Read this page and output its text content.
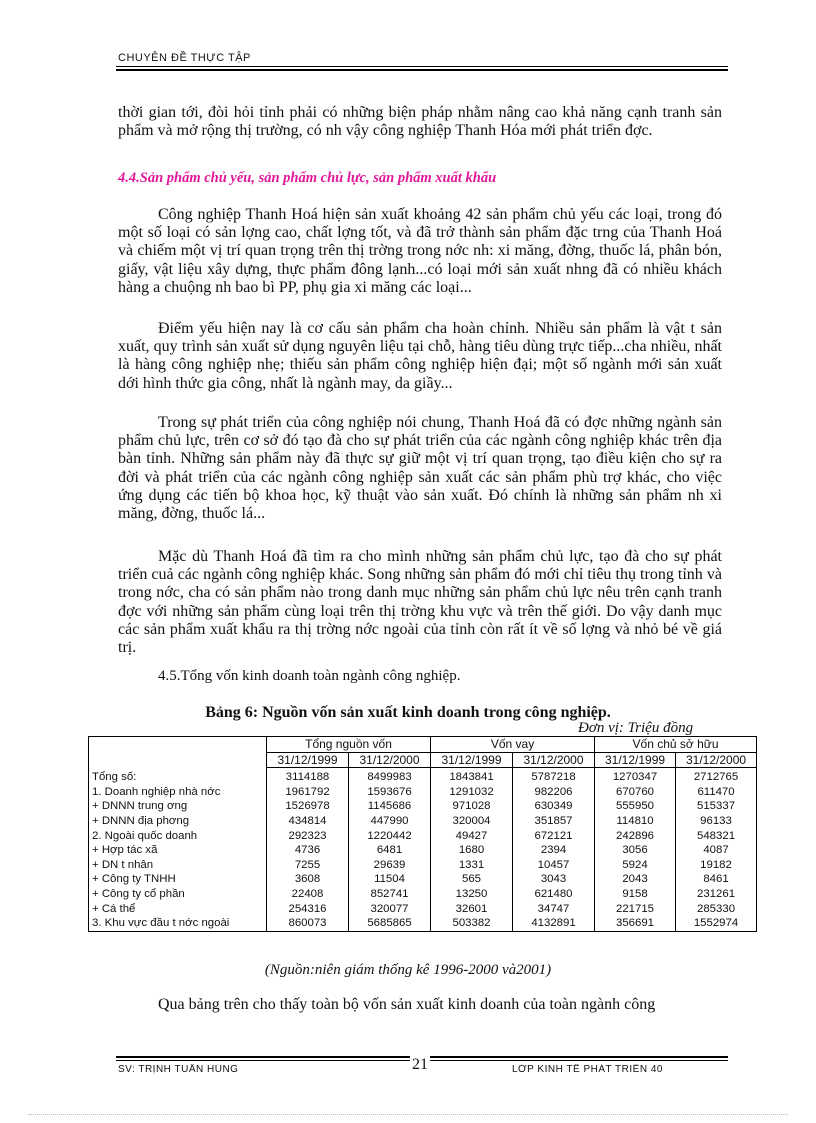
CHUYÊN ĐỀ THỰC TẬP

thời gian tới, đòi hỏi tỉnh phải có những biện pháp nhằm nâng cao khả năng cạnh tranh sản phẩm và mở rộng thị trường, có nh vậy công nghiệp Thanh Hóa mới phát triển đợc.

4.4.Sản phẩm chủ yếu, sản phẩm chủ lực, sản phẩm xuất khẩu

Công nghiệp Thanh Hoá hiện sản xuất khoảng 42 sản phẩm chủ yếu các loại, trong đó một số loại có sản lợng cao, chất lợng tốt, và đã trở thành sản phẩm đặc trng của Thanh Hoá và chiếm một vị trí quan trọng trên thị trờng trong nớc nh: xi măng, đờng, thuốc lá, phân bón, giấy, vật liệu xây dựng, thực phẩm đông lạnh...có loại mới sản xuất nhng đã có nhiều khách hàng a chuộng nh bao bì PP, phụ gia xi măng các loại...

Điểm yếu hiện nay là cơ cấu sản phẩm cha hoàn chỉnh. Nhiều sản phẩm là vật t sản xuất, quy trình sản xuất sử dụng nguyên liệu tại chỗ, hàng tiêu dùng trực tiếp...cha nhiều, nhất là hàng công nghiệp nhẹ; thiếu sản phẩm công nghiệp hiện đại; một số ngành mới sản xuất dới hình thức gia công, nhất là ngành may, da giầy...

Trong sự phát triển của công nghiệp nói chung, Thanh Hoá đã có đợc những ngành sản phẩm chủ lực, trên cơ sở đó tạo đà cho sự phát triển của các ngành công nghiệp khác trên địa bàn tỉnh. Những sản phẩm này đã thực sự giữ một vị trí quan trọng, tạo điều kiện cho sự ra đời và phát triển của các ngành công nghiệp sản xuất các sản phẩm phù trợ khác, cho việc ứng dụng các tiến bộ khoa học, kỹ thuật vào sản xuất. Đó chính là những sản phẩm nh xi măng, đờng, thuốc lá...

Mặc dù Thanh Hoá đã tìm ra cho mình những sản phẩm chủ lực, tạo đà cho sự phát triển cuả các ngành công nghiệp khác. Song những sản phẩm đó mới chỉ tiêu thụ trong tỉnh và trong nớc, cha có sản phẩm nào trong danh mục những sản phẩm chủ lực nêu trên cạnh tranh đợc với những sản phẩm cùng loại trên thị trờng khu vực và trên thế giới. Do vậy danh mục các sản phẩm xuất khẩu ra thị trờng nớc ngoài của tỉnh còn rất ít về số lợng và nhỏ bé về giá trị.

4.5.Tổng vốn kinh doanh toàn ngành công nghiệp.
Bảng 6: Nguồn vốn sản xuất kinh doanh trong công nghiệp.
Đơn vị: Triệu đồng
	Tổng nguồn vốn		Vốn vay		Vốn chủ sở hữu	
	31/12/1999	31/12/2000	31/12/1999	31/12/2000	31/12/1999	31/12/2000
Tổng số:	3114188	8499983	1843841	5787218	1270347	2712765
1. Doanh nghiệp nhà nớc	1961792	1593676	1291032	982206	670760	611470
+ DNNN trung ơng	1526978	1145686	971028	630349	555950	515337
+ DNNN địa phơng	434814	447990	320004	351857	114810	96133
2. Ngoài quốc doanh	292323	1220442	49427	672121	242896	548321
+ Hợp tác xã	4736	6481	1680	2394	3056	4087
+ DN t nhân	7255	29639	1331	10457	5924	19182
+ Công ty TNHH	3608	11504	565	3043	2043	8461
+ Công ty cổ phần	22408	852741	13250	621480	9158	231261
+ Cá thể	254316	320077	32601	34747	221715	285330
3. Khu vực đầu t nớc ngoài	860073	5685865	503382	4132891	356691	1552974
(Nguồn:niên giám thống kê 1996-2000 và2001)

Qua bảng trên cho thấy toàn bộ vốn sản xuất kinh doanh của toàn ngành công

SV: TRỊNH TUẤN HÙNG	21	LỚP KINH TẾ PHÁT TRIỂN 40
